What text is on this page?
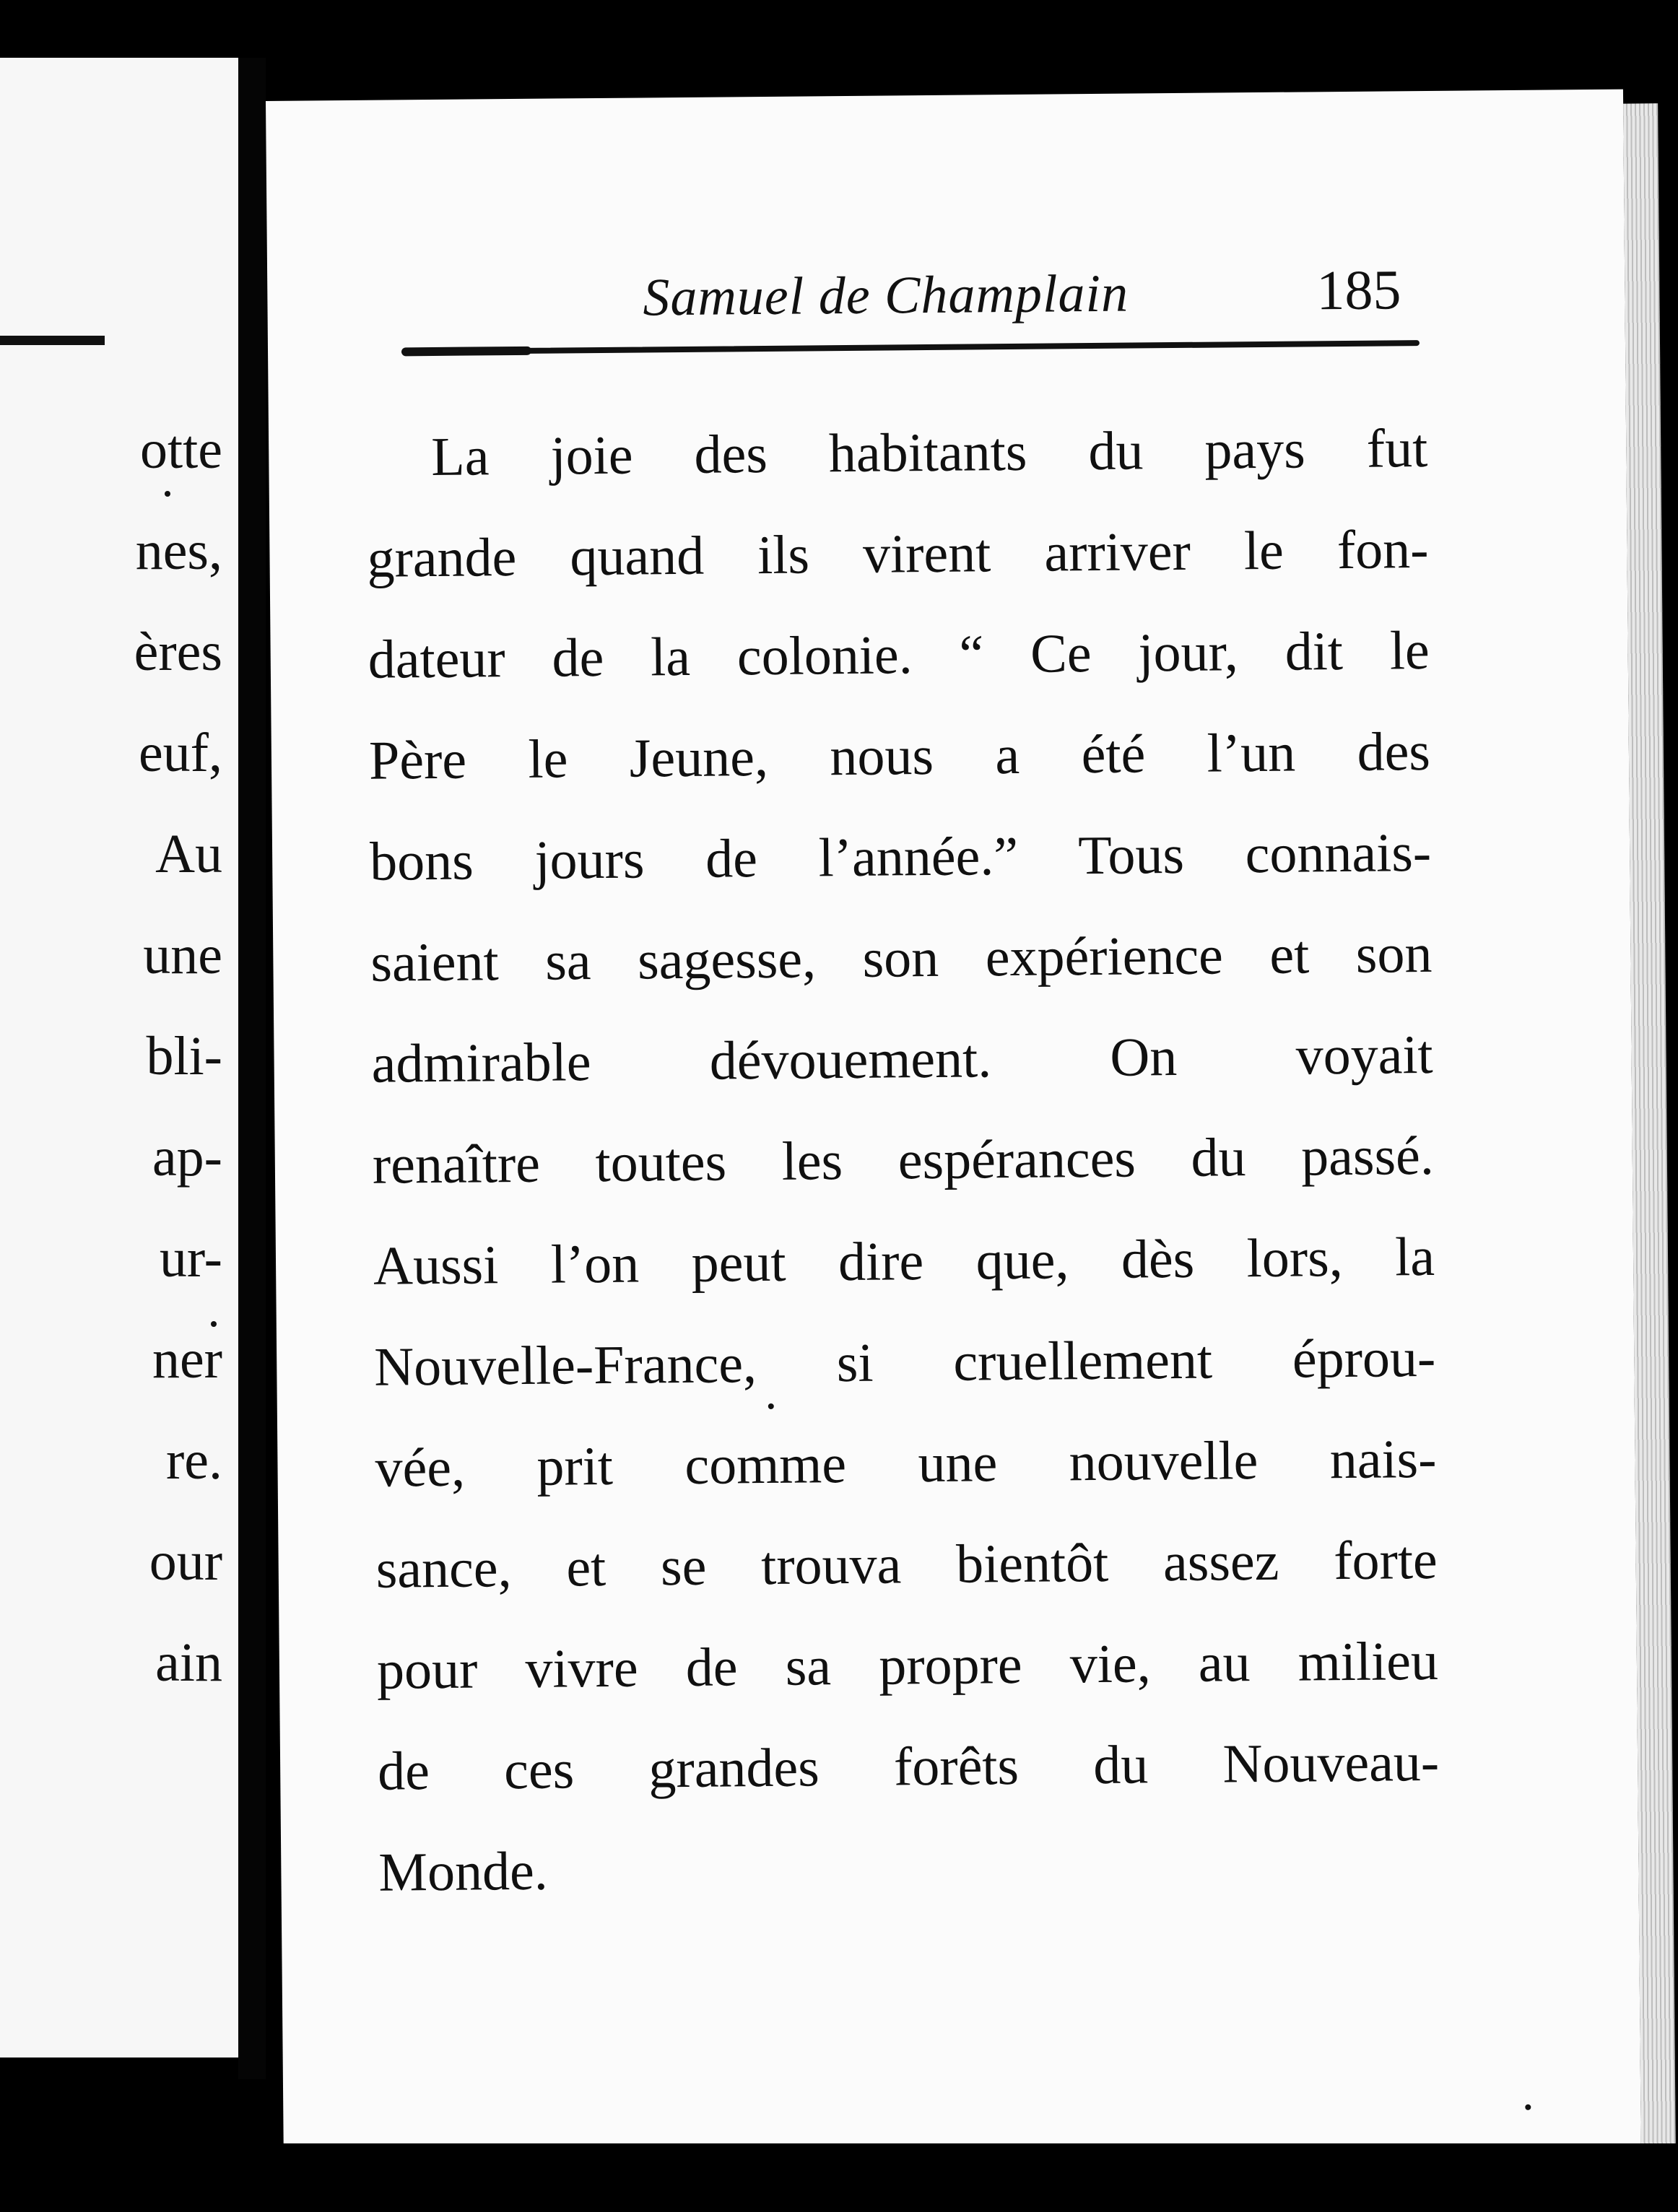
otte
nes,
ères
euf,
Au
une
bli-
ap-
ur-
ner
re.
our
ain
Samuel de Champlain	185
La joie des habitants du pays fut
grande quand ils virent arriver le fon-
dateur de la colonie. “ Ce jour, dit le
Père le Jeune, nous a été l’un des
bons jours de l’année.” Tous connais-
saient sa sagesse, son expérience et son
admirable dévouement. On voyait
renaître toutes les espérances du passé.
Aussi l’on peut dire que, dès lors, la
Nouvelle-France, si cruellement éprou-
vée, prit comme une nouvelle nais-
sance, et se trouva bientôt assez forte
pour vivre de sa propre vie, au milieu
de ces grandes forêts du Nouveau-
Monde.
